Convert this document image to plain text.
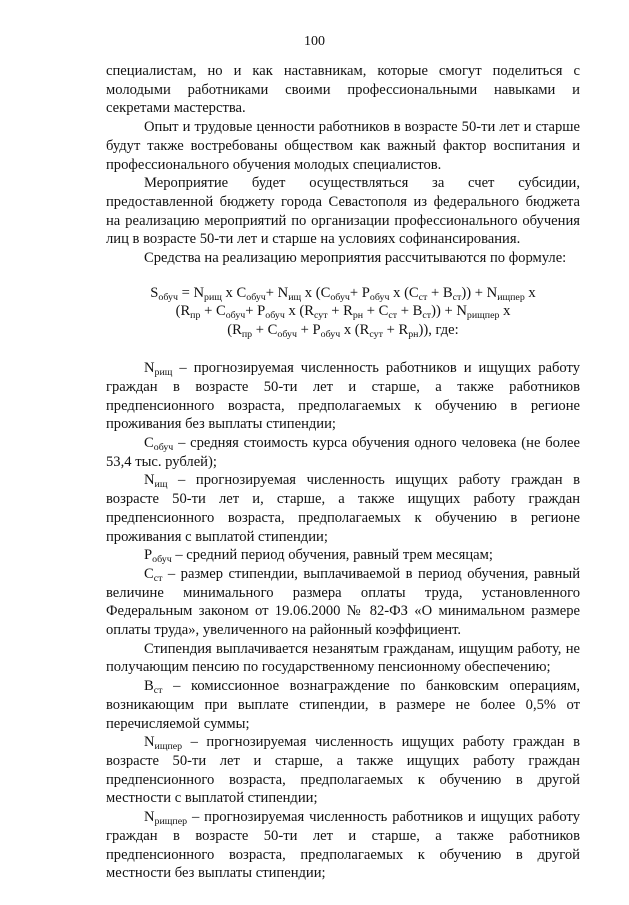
100

специалистам, но и как наставникам, которые смогут поделиться с молодыми работниками своими профессиональными навыками и секретами мастерства.

Опыт и трудовые ценности работников в возрасте 50-ти лет и старше будут также востребованы обществом как важный фактор воспитания и профессионального обучения молодых специалистов.

Мероприятие будет осуществляться за счет субсидии, предоставленной бюджету города Севастополя из федерального бюджета на реализацию мероприятий по организации профессионального обучения лиц в возрасте 50-ти лет и старше на условиях софинансирования.

Средства на реализацию мероприятия рассчитываются по формуле:

$S_{обуч} = N_{рищ}$ x $C_{обуч}+ N_{ищ}$ x ($C_{обуч}+ P_{обуч}$ x $(C_{ст} + B_{ст})) + N_{ищпер}$ x
($R_{пр} + C_{обуч}+ P_{обуч}$ x $(R_{сут} + R_{рн} + C_{ст} + B_{ст})) + N_{рищпер}$ x
($R_{пр} + C_{обуч} + P_{обуч}$ x $(R_{сут} + R_{рн})$), где:

$N_{рищ}$ – прогнозируемая численность работников и ищущих работу граждан в возрасте 50-ти лет и старше, а также работников предпенсионного возраста, предполагаемых к обучению в регионе проживания без выплаты стипендии;

$C_{обуч}$ – средняя стоимость курса обучения одного человека (не более 53,4 тыс. рублей);

$N_{ищ}$ – прогнозируемая численность ищущих работу граждан в возрасте 50-ти лет и, старше, а также ищущих работу граждан предпенсионного возраста, предполагаемых к обучению в регионе проживания с выплатой стипендии;

$P_{обуч}$ – средний период обучения, равный трем месяцам;

$C_{ст}$ – размер стипендии, выплачиваемой в период обучения, равный величине минимального размера оплаты труда, установленного Федеральным законом от 19.06.2000 № 82-ФЗ «О минимальном размере оплаты труда», увеличенного на районный коэффициент.

Стипендия выплачивается незанятым гражданам, ищущим работу, не получающим пенсию по государственному пенсионному обеспечению;

$B_{ст}$ – комиссионное вознаграждение по банковским операциям, возникающим при выплате стипендии, в размере не более 0,5% от перечисляемой суммы;

$N_{ищпер}$ – прогнозируемая численность ищущих работу граждан в возрасте 50-ти лет и старше, а также ищущих работу граждан предпенсионного возраста, предполагаемых к обучению в другой местности с выплатой стипендии;

$N_{рищпер}$ – прогнозируемая численность работников и ищущих работу граждан в возрасте 50-ти лет и старше, а также работников предпенсионного возраста, предполагаемых к обучению в другой местности без выплаты стипендии;
